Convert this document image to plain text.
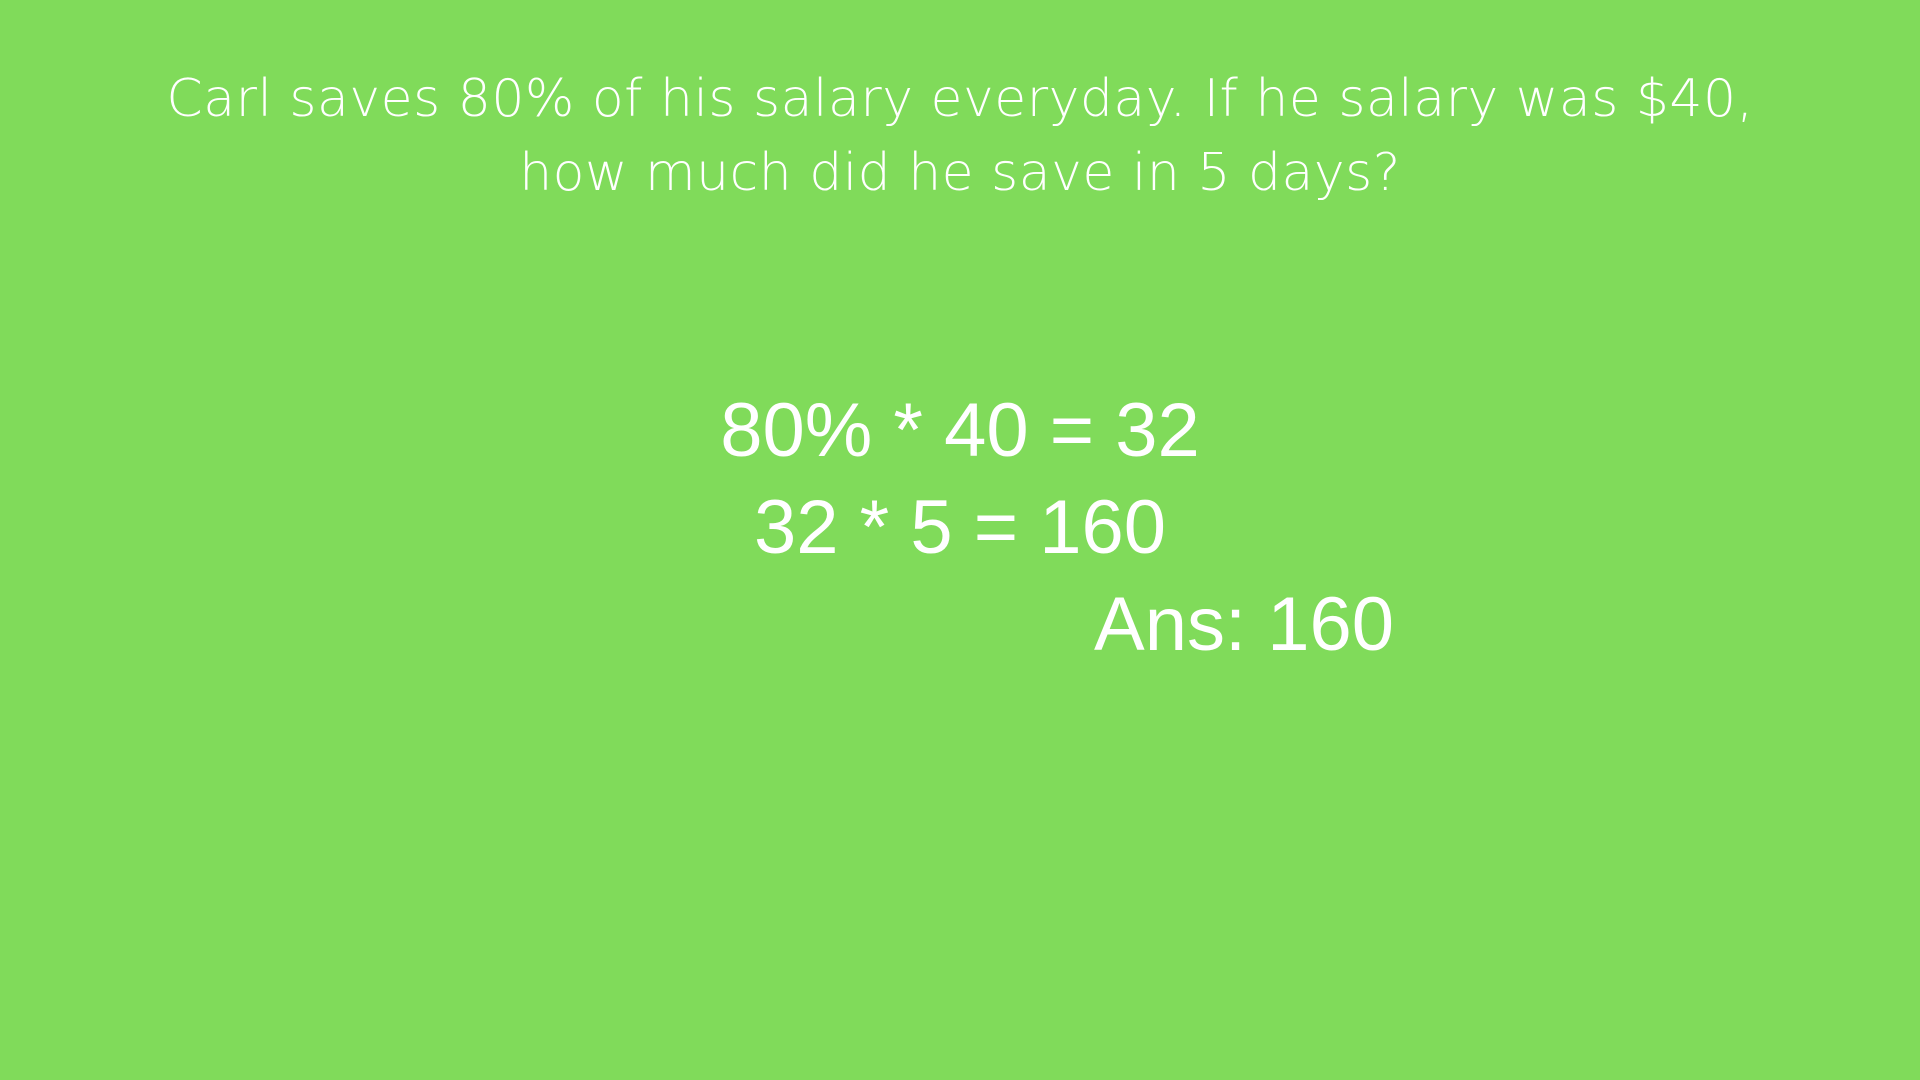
Carl saves 80% of his salary everyday. If he salary was $40,
how much did he save in 5 days?
80% * 40 = 32
32 * 5 = 160
Ans: 160
